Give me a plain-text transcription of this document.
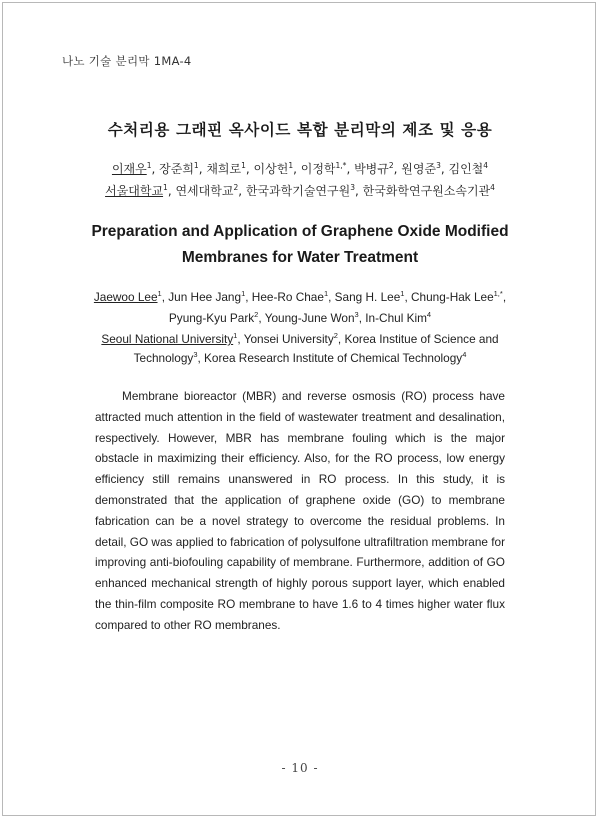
나노 기술 분리막 1MA-4
수처리용 그래핀 옥사이드 복합 분리막의 제조 및 응용
이재우$^1$, 장준희$^1$, 채희로$^1$, 이상헌$^1$, 이정학$^{1,*}$, 박병규$^2$, 원영준$^3$, 김인철$^4$
서울대학교$^1$, 연세대학교$^2$, 한국과학기술연구원$^3$, 한국화학연구원소속기관$^4$
Preparation and Application of Graphene Oxide Modified
Membranes for Water Treatment
Jaewoo Lee$^1$, Jun Hee Jang$^1$, Hee-Ro Chae$^1$, Sang H. Lee$^1$, Chung-Hak Lee$^{1,*}$,
Pyung-Kyu Park$^2$, Young-June Won$^3$, In-Chul Kim$^4$
Seoul National University$^1$, Yonsei University$^2$, Korea Institue of Science and
Technology$^3$, Korea Research Institute of Chemical Technology$^4$

Membrane bioreactor (MBR) and reverse osmosis (RO) process have attracted much attention in the field of wastewater treatment and desalination, respectively. However, MBR has membrane fouling which is the major obstacle in maximizing their efficiency. Also, for the RO process, low energy efficiency still remains unanswered in RO process. In this study, it is demonstrated that the application of graphene oxide (GO) to membrane fabrication can be a novel strategy to overcome the residual problems. In detail, GO was applied to fabrication of polysulfone ultrafiltration membrane for improving anti-biofouling capability of membrane. Furthermore, addition of GO enhanced mechanical strength of highly porous support layer, which enabled the thin-film composite RO membrane to have 1.6 to 4 times higher water flux compared to other RO membranes.

- 10 -
